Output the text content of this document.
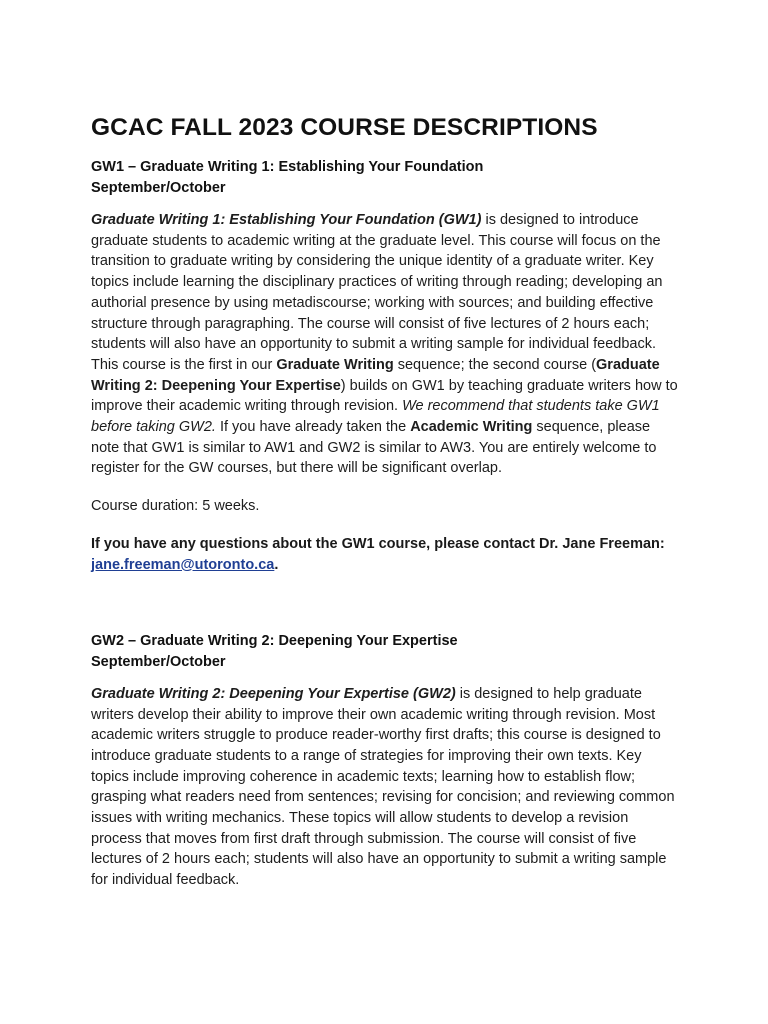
GCAC FALL 2023 COURSE DESCRIPTIONS
GW1 – Graduate Writing 1: Establishing Your Foundation
September/October

Graduate Writing 1: Establishing Your Foundation (GW1) is designed to introduce graduate students to academic writing at the graduate level. This course will focus on the transition to graduate writing by considering the unique identity of a graduate writer. Key topics include learning the disciplinary practices of writing through reading; developing an authorial presence by using metadiscourse; working with sources; and building effective structure through paragraphing. The course will consist of five lectures of 2 hours each; students will also have an opportunity to submit a writing sample for individual feedback. This course is the first in our Graduate Writing sequence; the second course (Graduate Writing 2: Deepening Your Expertise) builds on GW1 by teaching graduate writers how to improve their academic writing through revision. We recommend that students take GW1 before taking GW2. If you have already taken the Academic Writing sequence, please note that GW1 is similar to AW1 and GW2 is similar to AW3. You are entirely welcome to register for the GW courses, but there will be significant overlap.

Course duration: 5 weeks.

If you have any questions about the GW1 course, please contact Dr. Jane Freeman: jane.freeman@utoronto.ca.

GW2 – Graduate Writing 2: Deepening Your Expertise
September/October

Graduate Writing 2: Deepening Your Expertise (GW2) is designed to help graduate writers develop their ability to improve their own academic writing through revision. Most academic writers struggle to produce reader-worthy first drafts; this course is designed to introduce graduate students to a range of strategies for improving their own texts. Key topics include improving coherence in academic texts; learning how to establish flow; grasping what readers need from sentences; revising for concision; and reviewing common issues with writing mechanics. These topics will allow students to develop a revision process that moves from first draft through submission. The course will consist of five lectures of 2 hours each; students will also have an opportunity to submit a writing sample for individual feedback.
